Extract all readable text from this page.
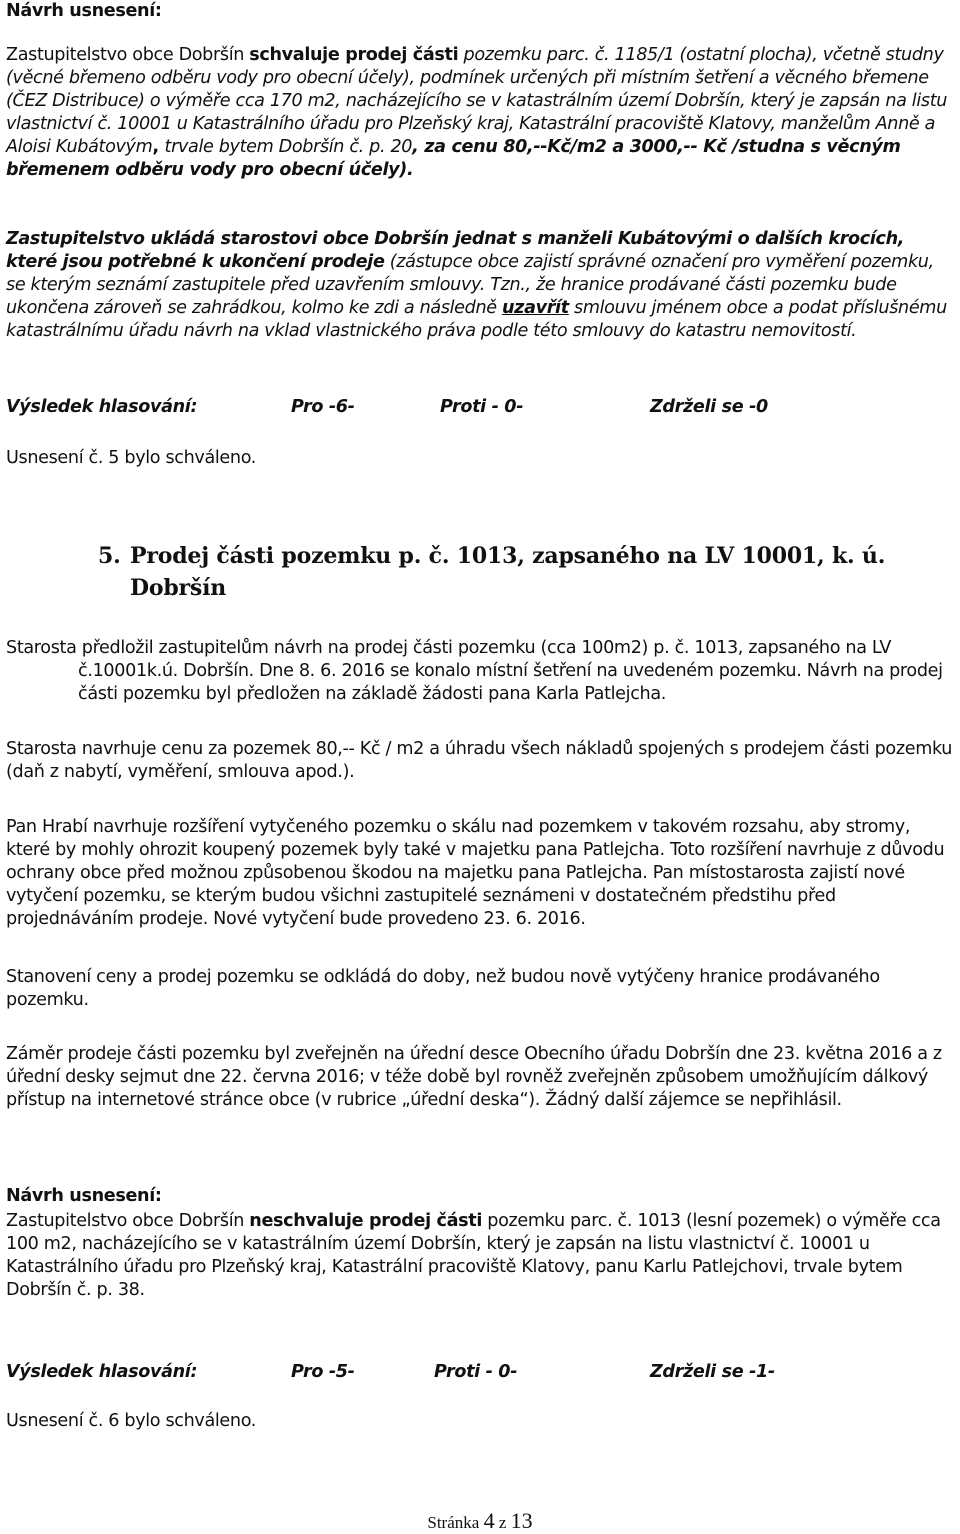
Návrh usnesení:
Zastupitelstvo obce Dobršín schvaluje prodej části pozemku parc. č. 1185/1 (ostatní plocha), včetně studny (věcné břemeno odběru vody pro obecní účely), podmínek určených při místním šetření a věcného břemene (ČEZ Distribuce) o výměře cca 170 m2, nacházejícího se v katastrálním území Dobršín, který je zapsán na listu vlastnictví č. 10001 u Katastrálního úřadu pro Plzeňský kraj, Katastrální pracoviště Klatovy, manželům Anně a Aloisi Kubátovým, trvale bytem Dobršín č. p. 20, za cenu 80,--Kč/m2 a 3000,-- Kč /studna s věcným břemenem odběru vody pro obecní účely).
Zastupitelstvo ukládá starostovi obce Dobršín jednat s manželi Kubátovými o dalších krocích, které jsou potřebné k ukončení prodeje (zástupce obce zajistí správné označení pro vyměření pozemku, se kterým seznámí zastupitele před uzavřením smlouvy. Tzn., že hranice prodávané části pozemku bude ukončena zároveň se zahrádkou, kolmo ke zdi a následně uzavřít smlouvu jménem obce a podat příslušnému katastrálnímu úřadu návrh na vklad vlastnického práva podle této smlouvy do katastru nemovitostí.
Výsledek hlasování:	Pro -6-	Proti - 0-	Zdrželi se -0
Usnesení č. 5 bylo schváleno.
5. Prodej části pozemku p. č. 1013, zapsaného na LV 10001, k. ú.
Dobršín
Starosta předložil zastupitelům návrh na prodej části pozemku (cca 100m2) p. č. 1013, zapsaného na LV
č.10001k.ú. Dobršín. Dne 8. 6. 2016 se konalo místní šetření na uvedeném pozemku. Návrh na prodej části pozemku byl předložen na základě žádosti pana Karla Patlejcha.
Starosta navrhuje cenu za pozemek 80,-- Kč / m2 a úhradu všech nákladů spojených s prodejem části pozemku (daň z nabytí, vyměření, smlouva apod.).
Pan Hrabí navrhuje rozšíření vytyčeného pozemku o skálu nad pozemkem v takovém rozsahu, aby stromy, které by mohly ohrozit koupený pozemek byly také v majetku pana Patlejcha. Toto rozšíření navrhuje z důvodu ochrany obce před možnou způsobenou škodou na majetku pana Patlejcha. Pan místostarosta zajistí nové vytyčení pozemku, se kterým budou všichni zastupitelé seznámeni v dostatečném předstihu před projednáváním prodeje. Nové vytyčení bude provedeno 23. 6. 2016.
Stanovení ceny a prodej pozemku se odkládá do doby, než budou nově vytýčeny hranice prodávaného pozemku.
Záměr prodeje části pozemku byl zveřejněn na úřední desce Obecního úřadu Dobršín dne 23. května 2016 a z úřední desky sejmut dne 22. června 2016; v téže době byl rovněž zveřejněn způsobem umožňujícím dálkový přístup na internetové stránce obce (v rubrice „úřední deska“). Žádný další zájemce se nepřihlásil.
Návrh usnesení:
Zastupitelstvo obce Dobršín neschvaluje prodej části pozemku parc. č. 1013 (lesní pozemek) o výměře cca 100 m2, nacházejícího se v katastrálním území Dobršín, který je zapsán na listu vlastnictví č. 10001 u Katastrálního úřadu pro Plzeňský kraj, Katastrální pracoviště Klatovy, panu Karlu Patlejchovi, trvale bytem Dobršín č. p. 38.
Výsledek hlasování:	Pro -5-	Proti - 0-	Zdrželi se -1-
Usnesení č. 6 bylo schváleno.
Stránka 4 z 13
